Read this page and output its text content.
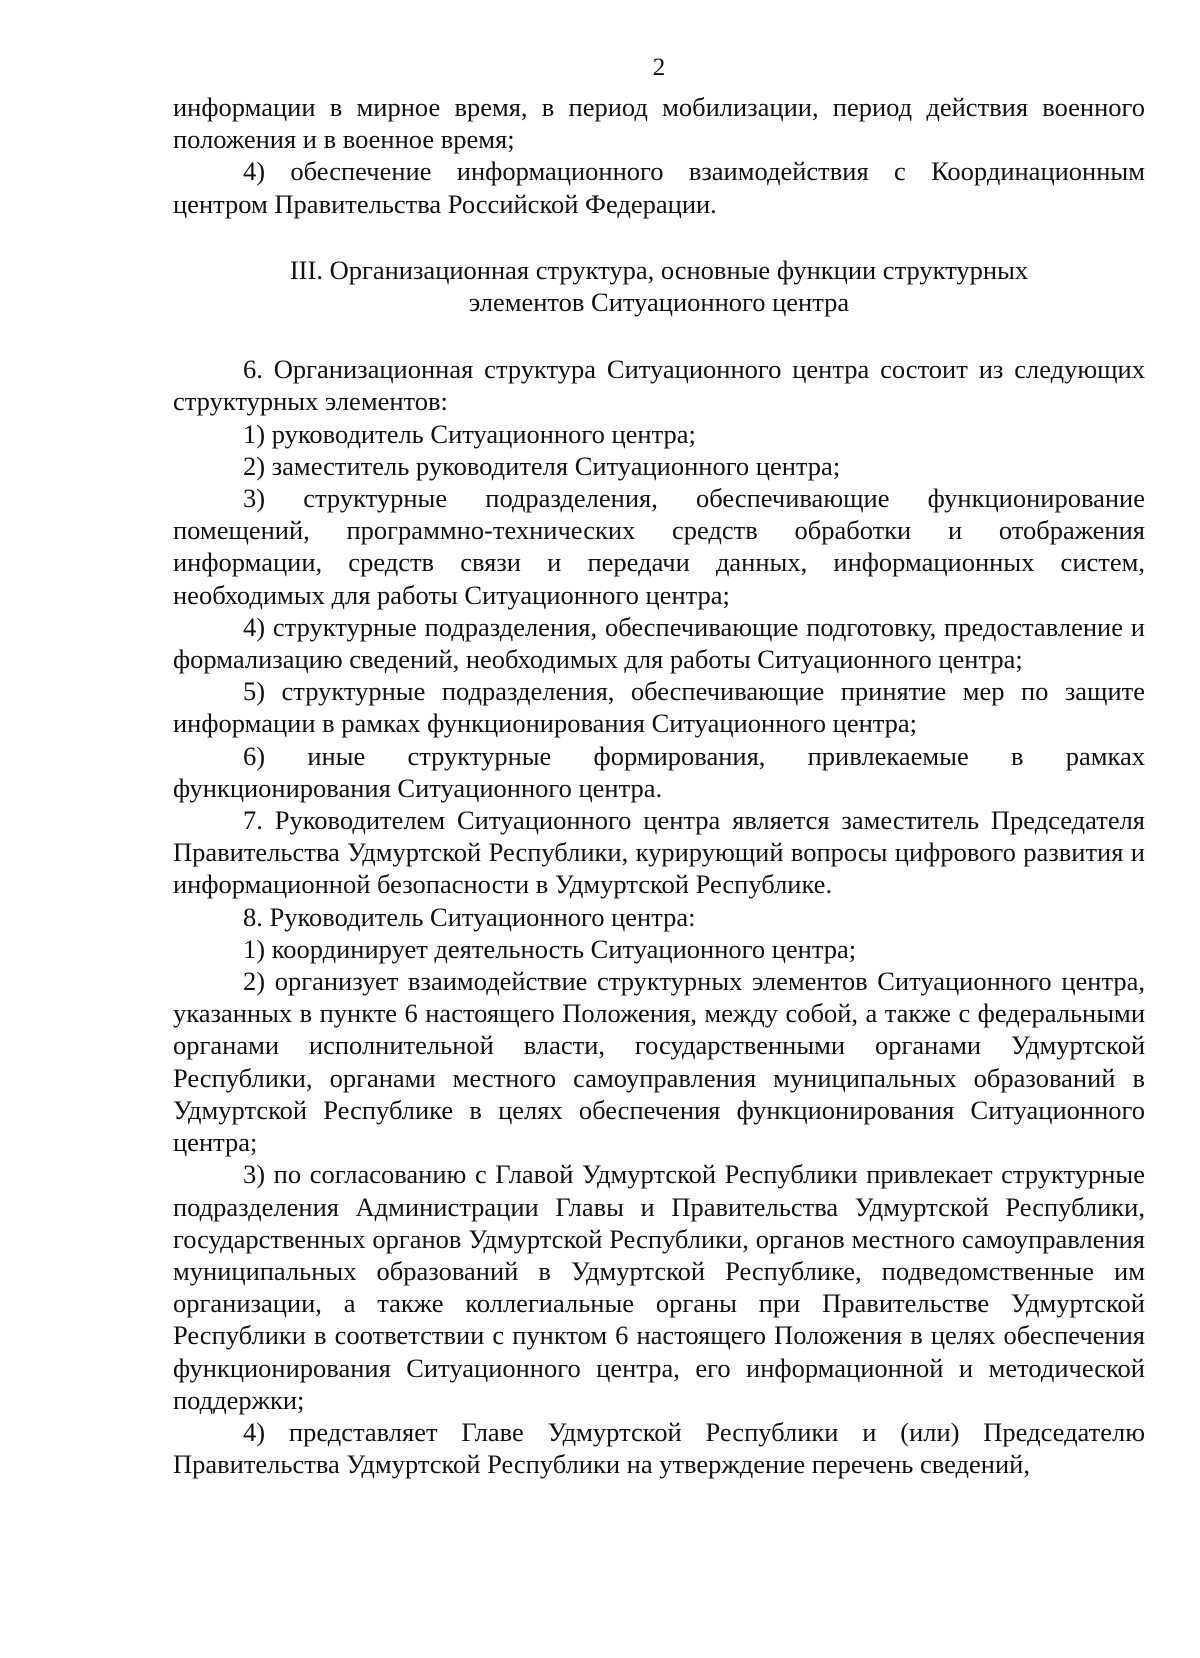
2

информации в мирное время, в период мобилизации, период действия военного положения и в военное время;

4) обеспечение информационного взаимодействия с Координационным центром Правительства Российской Федерации.

III. Организационная структура, основные функции структурных

элементов Ситуационного центра

6. Организационная структура Ситуационного центра состоит из следующих структурных элементов:

1) руководитель Ситуационного центра;

2) заместитель руководителя Ситуационного центра;

3) структурные подразделения, обеспечивающие функционирование помещений, программно-технических средств обработки и отображения информации, средств связи и передачи данных, информационных систем, необходимых для работы Ситуационного центра;

4) структурные подразделения, обеспечивающие подготовку, предоставление и формализацию сведений, необходимых для работы Ситуационного центра;

5) структурные подразделения, обеспечивающие принятие мер по защите информации в рамках функционирования Ситуационного центра;

6) иные структурные формирования, привлекаемые в рамках функционирования Ситуационного центра.

7. Руководителем Ситуационного центра является заместитель Председателя Правительства Удмуртской Республики, курирующий вопросы цифрового развития и информационной безопасности в Удмуртской Республике.

8. Руководитель Ситуационного центра:

1) координирует деятельность Ситуационного центра;

2) организует взаимодействие структурных элементов Ситуационного центра, указанных в пункте 6 настоящего Положения, между собой, а также с федеральными органами исполнительной власти, государственными органами Удмуртской Республики, органами местного самоуправления муниципальных образований в Удмуртской Республике в целях обеспечения функционирования Ситуационного центра;

3) по согласованию с Главой Удмуртской Республики привлекает структурные подразделения Администрации Главы и Правительства Удмуртской Республики, государственных органов Удмуртской Республики, органов местного самоуправления муниципальных образований в Удмуртской Республике, подведомственные им организации, а также коллегиальные органы при Правительстве Удмуртской Республики в соответствии с пунктом 6 настоящего Положения в целях обеспечения функционирования Ситуационного центра, его информационной и методической поддержки;

4) представляет Главе Удмуртской Республики и (или) Председателю Правительства Удмуртской Республики на утверждение перечень сведений,
